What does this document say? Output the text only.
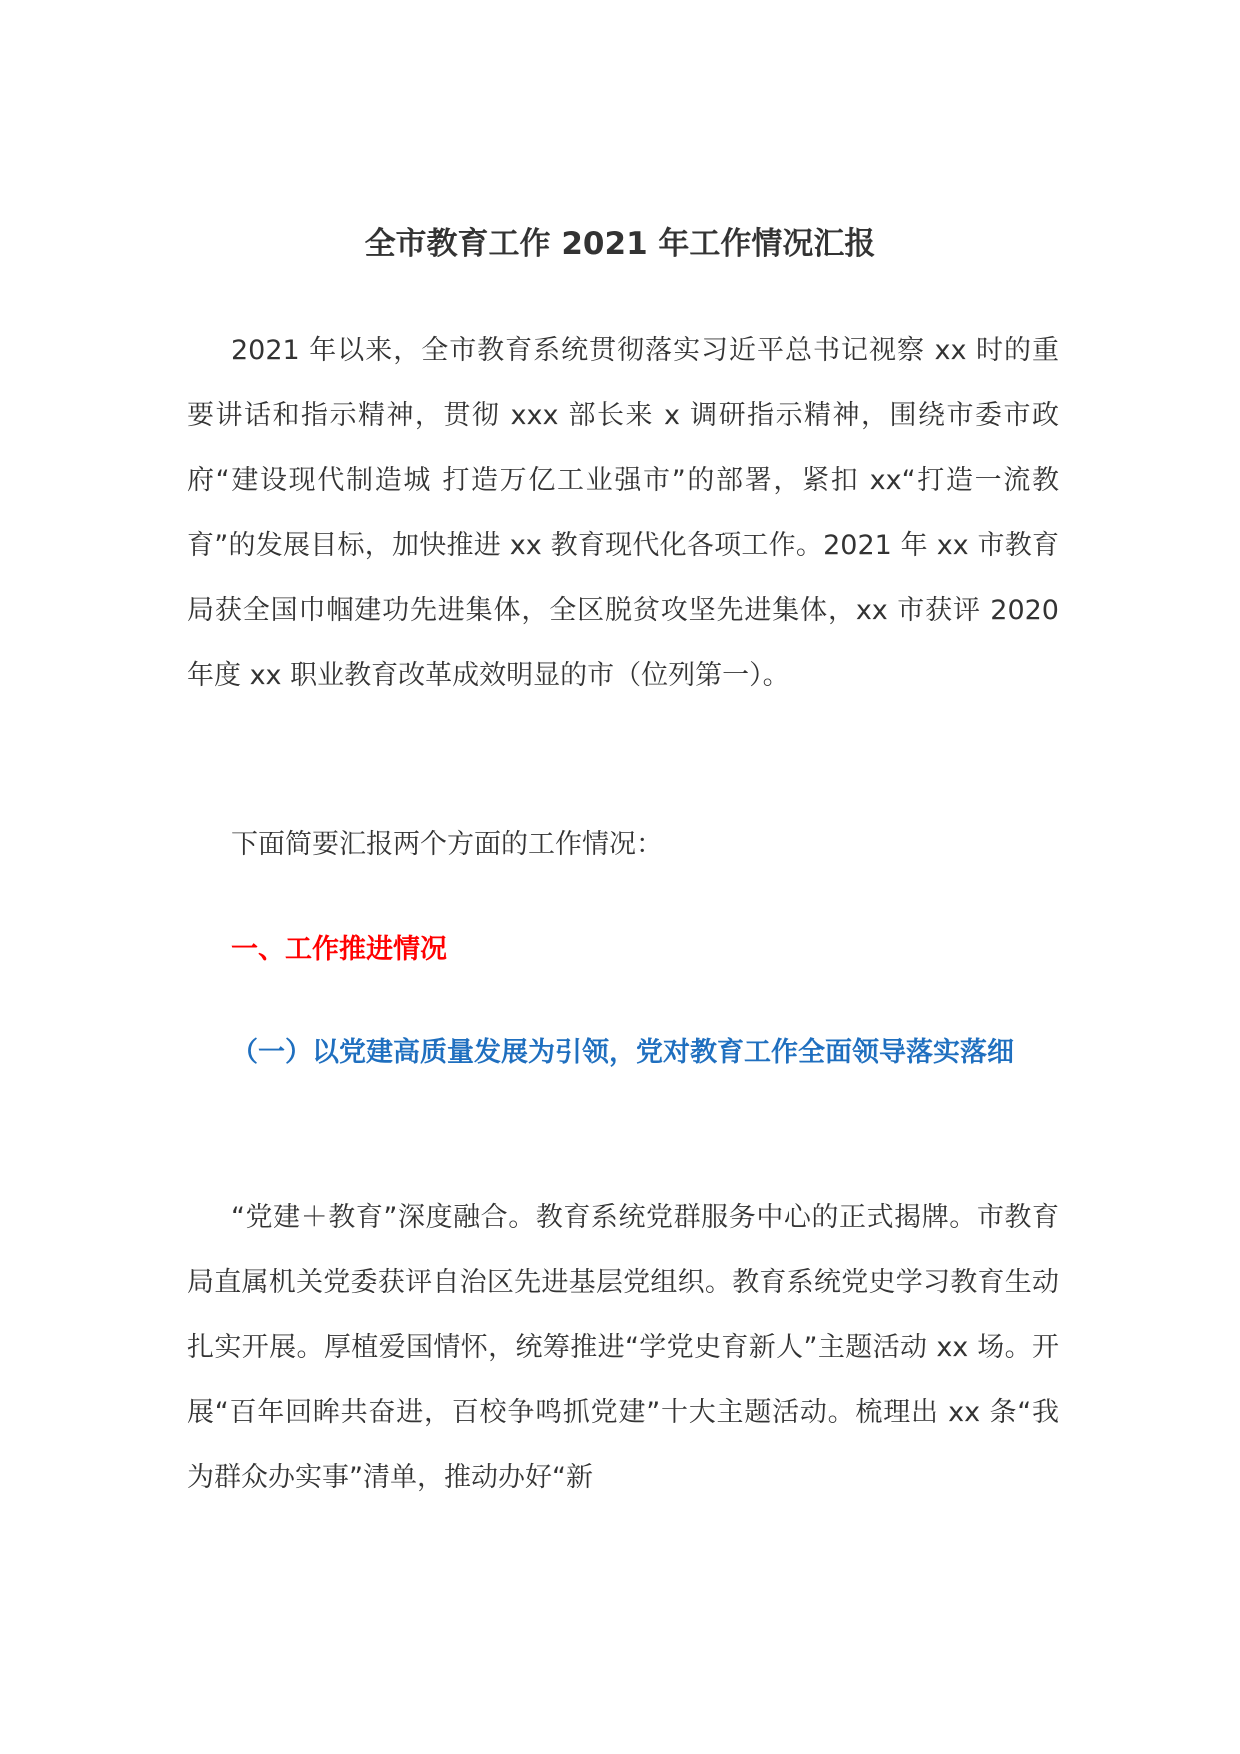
全市教育工作 2021 年工作情况汇报

2021 年以来，全市教育系统贯彻落实习近平总书记视察 xx 时的重要讲话和指示精神，贯彻 xxx 部长来 x 调研指示精神，围绕市委市政府“建设现代制造城 打造万亿工业强市”的部署，紧扣 xx“打造一流教育”的发展目标，加快推进 xx 教育现代化各项工作。2021 年 xx 市教育局获全国巾帼建功先进集体，全区脱贫攻坚先进集体，xx 市获评 2020 年度 xx 职业教育改革成效明显的市（位列第一）。

下面简要汇报两个方面的工作情况：

一、工作推进情况
（一）以党建高质量发展为引领，党对教育工作全面领导落实落细

“党建＋教育”深度融合。教育系统党群服务中心的正式揭牌。市教育局直属机关党委获评自治区先进基层党组织。教育系统党史学习教育生动扎实开展。厚植爱国情怀，统筹推进“学党史育新人”主题活动 xx 场。开展“百年回眸共奋进，百校争鸣抓党建”十大主题活动。梳理出 xx 条“我为群众办实事”清单，推动办好“新
